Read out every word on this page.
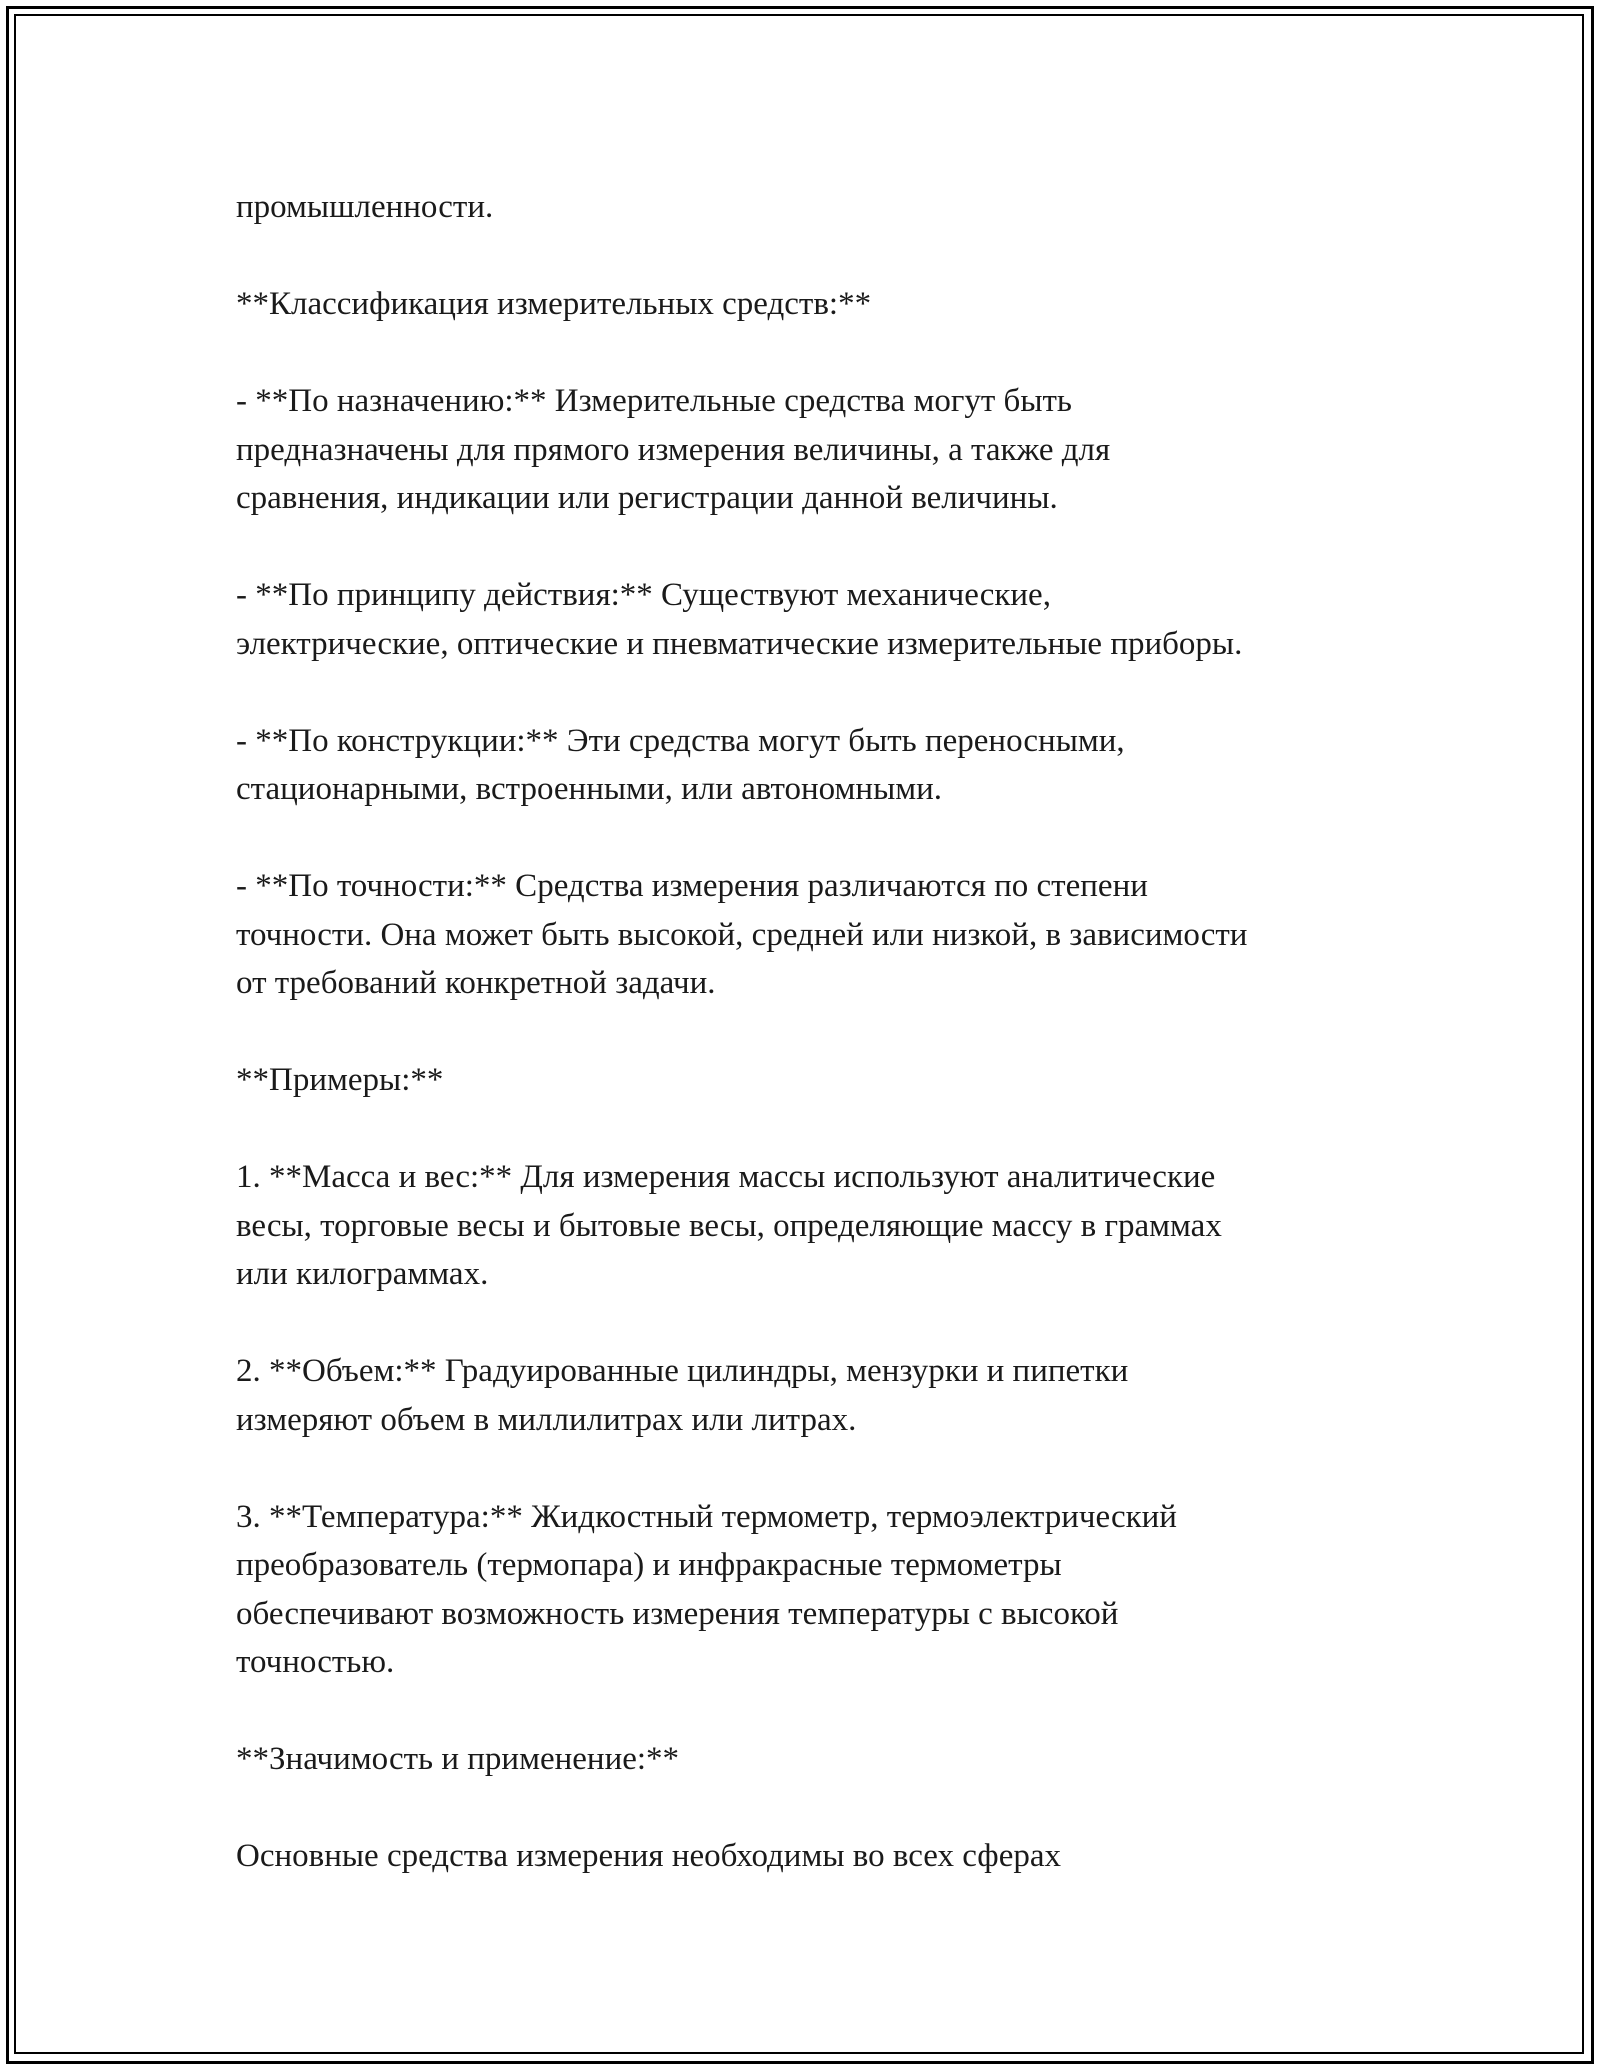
промышленности.

**Классификация измерительных средств:**

- **По назначению:** Измерительные средства могут быть
предназначены для прямого измерения величины, а также для
сравнения, индикации или регистрации данной величины.

- **По принципу действия:** Существуют механические,
электрические, оптические и пневматические измерительные приборы.

- **По конструкции:** Эти средства могут быть переносными,
стационарными, встроенными, или автономными.

- **По точности:** Средства измерения различаются по степени
точности. Она может быть высокой, средней или низкой, в зависимости
от требований конкретной задачи.

**Примеры:**

1. **Масса и вес:** Для измерения массы используют аналитические
весы, торговые весы и бытовые весы, определяющие массу в граммах
или килограммах.

2. **Объем:** Градуированные цилиндры, мензурки и пипетки
измеряют объем в миллилитрах или литрах.

3. **Температура:** Жидкостный термометр, термоэлектрический
преобразователь (термопара) и инфракрасные термометры
обеспечивают возможность измерения температуры с высокой
точностью.

**Значимость и применение:**

Основные средства измерения необходимы во всех сферах
